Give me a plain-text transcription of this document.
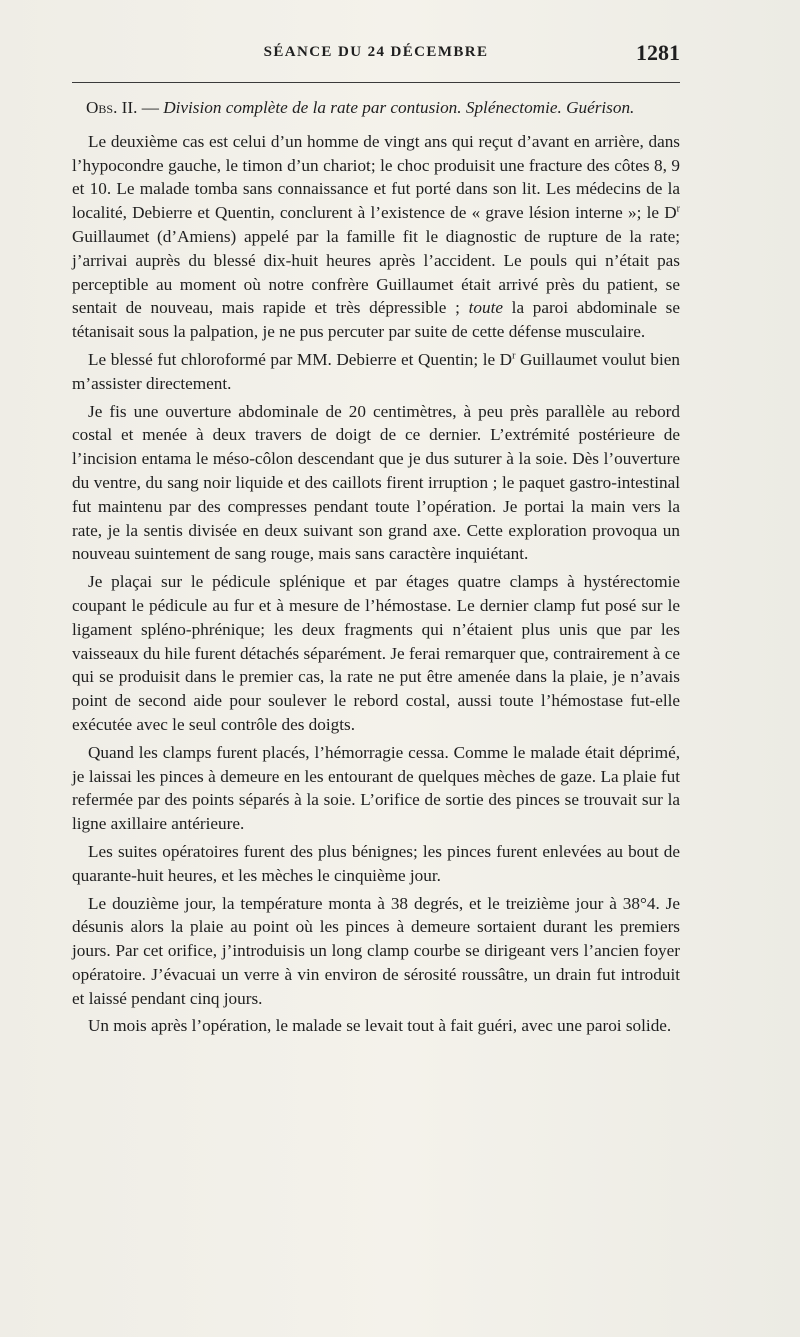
SÉANCE DU 24 DÉCEMBRE	1281

Obs. II. — Division complète de la rate par contusion. Splénectomie. Guérison.

Le deuxième cas est celui d’un homme de vingt ans qui reçut d’avant en arrière, dans l’hypocondre gauche, le timon d’un chariot; le choc produisit une fracture des côtes 8, 9 et 10. Le malade tomba sans connaissance et fut porté dans son lit. Les médecins de la localité, Debierre et Quentin, conclurent à l’existence de « grave lésion interne »; le $D^r$ Guillaumet (d’Amiens) appelé par la famille fit le diagnostic de rupture de la rate; j’arrivai auprès du blessé dix-huit heures après l’accident. Le pouls qui n’était pas perceptible au moment où notre confrère Guillaumet était arrivé près du patient, se sentait de nouveau, mais rapide et très dépressible ; toute la paroi abdominale se tétanisait sous la palpation, je ne pus percuter par suite de cette défense musculaire.

Le blessé fut chloroformé par MM. Debierre et Quentin; le $D^r$ Guillaumet voulut bien m’assister directement.

Je fis une ouverture abdominale de 20 centimètres, à peu près parallèle au rebord costal et menée à deux travers de doigt de ce dernier. L’extrémité postérieure de l’incision entama le méso-côlon descendant que je dus suturer à la soie. Dès l’ouverture du ventre, du sang noir liquide et des caillots firent irruption ; le paquet gastro-intestinal fut maintenu par des compresses pendant toute l’opération. Je portai la main vers la rate, je la sentis divisée en deux suivant son grand axe. Cette exploration provoqua un nouveau suintement de sang rouge, mais sans caractère inquiétant.

Je plaçai sur le pédicule splénique et par étages quatre clamps à hystérectomie coupant le pédicule au fur et à mesure de l’hémostase. Le dernier clamp fut posé sur le ligament spléno-phrénique; les deux fragments qui n’étaient plus unis que par les vaisseaux du hile furent détachés séparément. Je ferai remarquer que, contrairement à ce qui se produisit dans le premier cas, la rate ne put être amenée dans la plaie, je n’avais point de second aide pour soulever le rebord costal, aussi toute l’hémostase fut-elle exécutée avec le seul contrôle des doigts.

Quand les clamps furent placés, l’hémorragie cessa. Comme le malade était déprimé, je laissai les pinces à demeure en les entourant de quelques mèches de gaze. La plaie fut refermée par des points séparés à la soie. L’orifice de sortie des pinces se trouvait sur la ligne axillaire antérieure.

Les suites opératoires furent des plus bénignes; les pinces furent enlevées au bout de quarante-huit heures, et les mèches le cinquième jour.

Le douzième jour, la température monta à 38 degrés, et le treizième jour à 38°4. Je désunis alors la plaie au point où les pinces à demeure sortaient durant les premiers jours. Par cet orifice, j’introduisis un long clamp courbe se dirigeant vers l’ancien foyer opératoire. J’évacuai un verre à vin environ de sérosité roussâtre, un drain fut introduit et laissé pendant cinq jours.

Un mois après l’opération, le malade se levait tout à fait guéri, avec une paroi solide.
